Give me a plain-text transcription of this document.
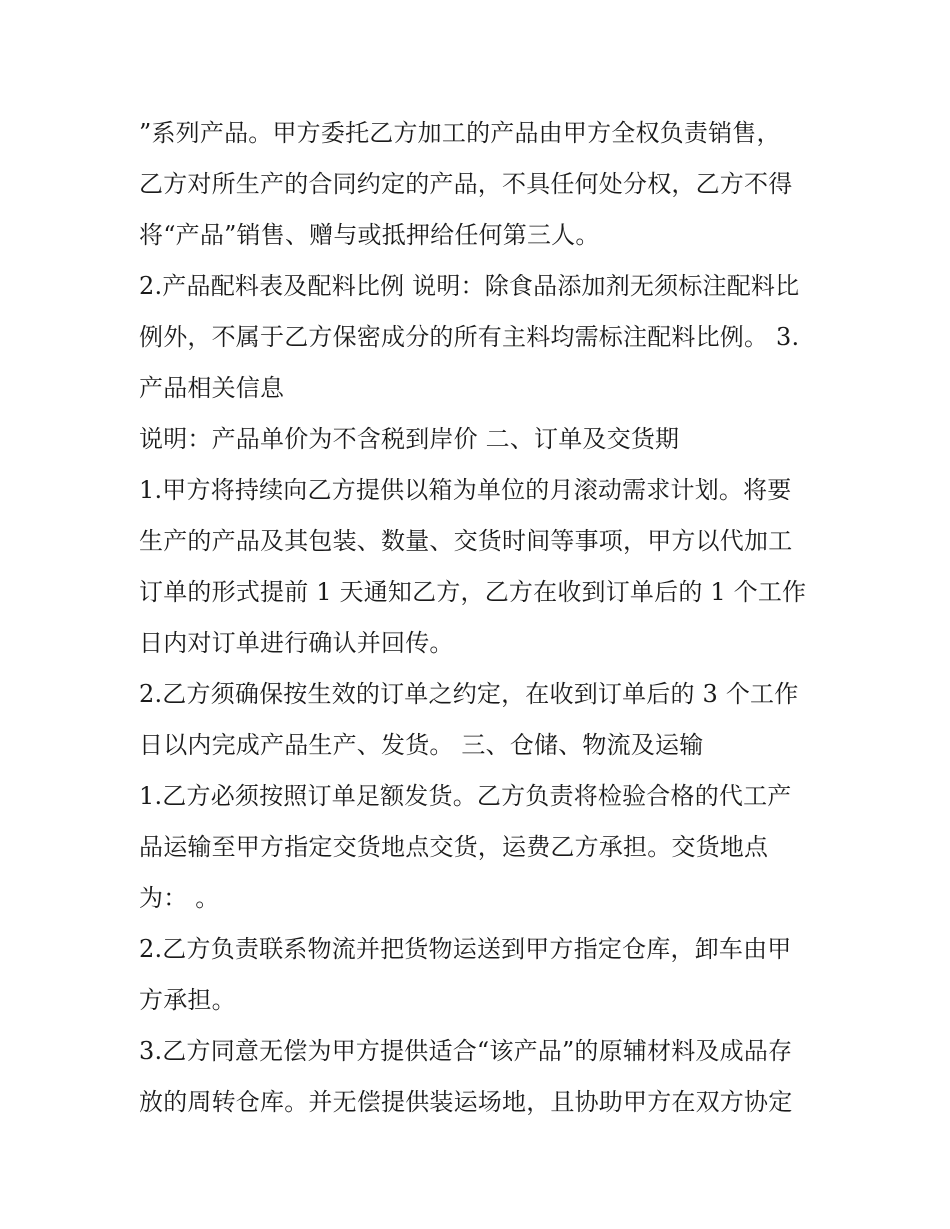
”系列产品。甲方委托乙方加工的产品由甲方全权负责销售，
乙方对所生产的合同约定的产品，不具任何处分权，乙方不得
将“产品”销售、赠与或抵押给任何第三人。
2.产品配料表及配料比例 说明：除食品添加剂无须标注配料比
例外，不属于乙方保密成分的所有主料均需标注配料比例。 3.
产品相关信息
说明：产品单价为不含税到岸价 二、订单及交货期
1.甲方将持续向乙方提供以箱为单位的月滚动需求计划。将要
生产的产品及其包装、数量、交货时间等事项，甲方以代加工
订单的形式提前 1 天通知乙方，乙方在收到订单后的 1 个工作
日内对订单进行确认并回传。
2.乙方须确保按生效的订单之约定，在收到订单后的 3 个工作
日以内完成产品生产、发货。 三、仓储、物流及运输
1.乙方必须按照订单足额发货。乙方负责将检验合格的代工产
品运输至甲方指定交货地点交货，运费乙方承担。交货地点
为： 。
2.乙方负责联系物流并把货物运送到甲方指定仓库，卸车由甲
方承担。
3.乙方同意无偿为甲方提供适合“该产品”的原辅材料及成品存
放的周转仓库。并无偿提供装运场地，且协助甲方在双方协定
